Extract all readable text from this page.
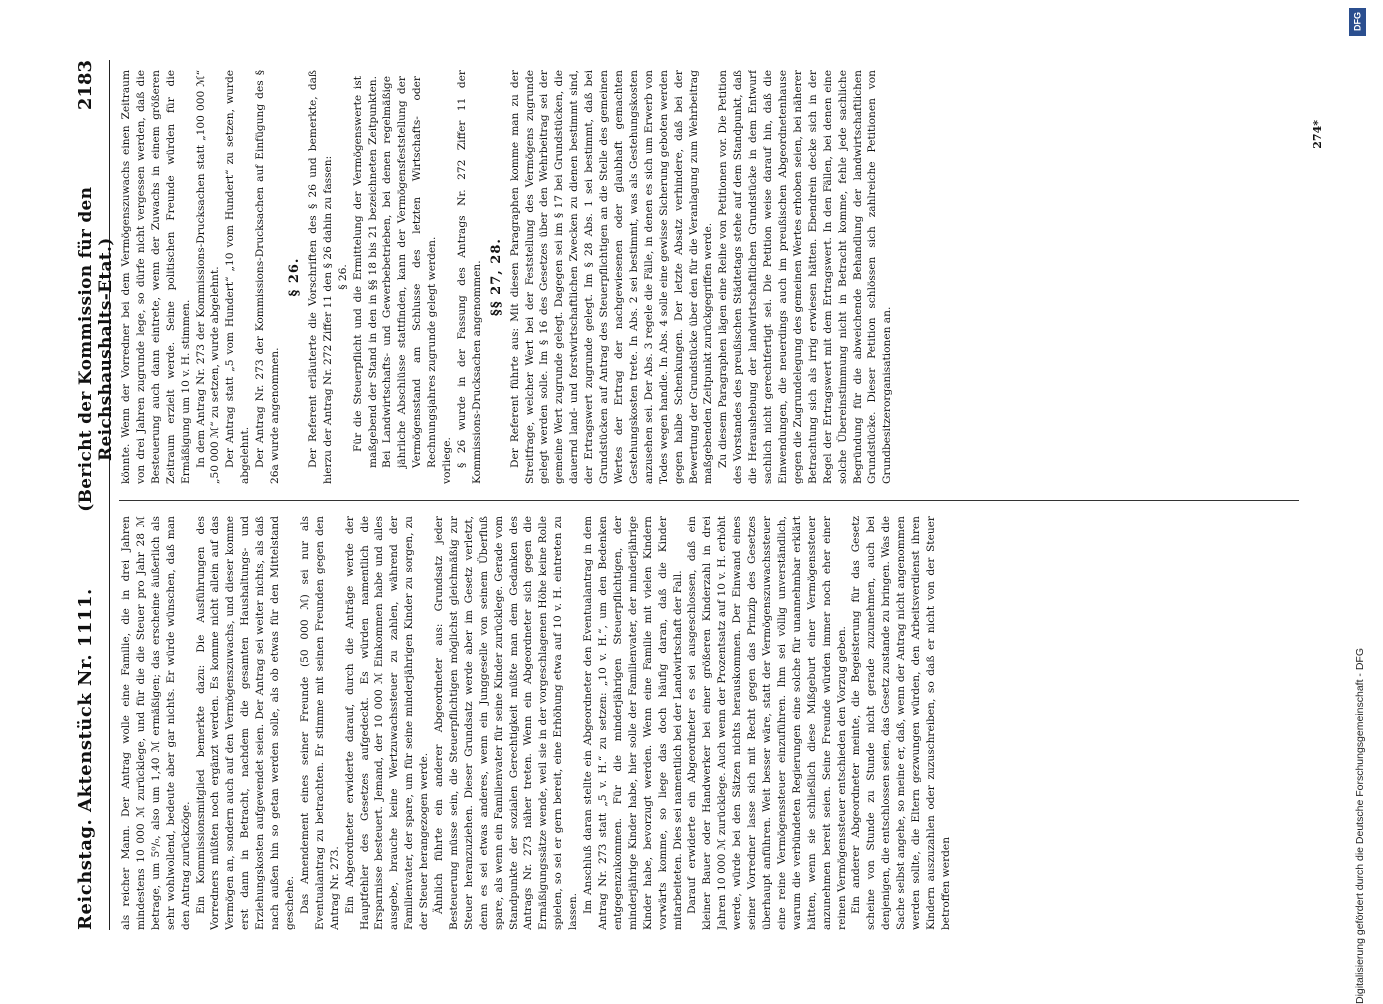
Reichstag. Aktenstück Nr. 1111.
(Bericht der Kommission für den Reichshaushalts-Etat.)
2183

als reicher Mann. Der Antrag wolle eine Familie, die in drei Jahren mindestens 10 000 ℳ zurücklege, und für die die Steuer pro Jahr 28 ℳ betrage, um 5⁰/₀, also um 1,40 ℳ ermäßigen; das erscheine äußerlich als sehr wohlwollend, bedeute aber gar nichts. Er würde wünschen, daß man den Antrag zurückzöge. Ein Kommissionsmitglied bemerkte dazu: Die Ausführungen des Vorredners müßten noch ergänzt werden. Es komme nicht allein auf das Vermögen an, sondern auch auf den Vermögenszuwachs, und dieser komme erst dann in Betracht, nachdem die gesamten Haushaltungs- und Erziehungskosten aufgewendet seien. Der Antrag sei weiter nichts, als daß nach außen hin so getan werden solle, als ob etwas für den Mittelstand geschehe. Das Amendement eines seiner Freunde (50 000 ℳ) sei nur als Eventualantrag zu betrachten. Er stimme mit seinen Freunden gegen den Antrag Nr. 273. Ein Abgeordneter erwiderte darauf, durch die Anträge werde der Hauptfehler des Gesetzes aufgedeckt. Es würden namentlich die Ersparnisse besteuert. Jemand, der 10 000 ℳ Einkommen habe und alles ausgebe, brauche keine Wertzuwachssteuer zu zahlen, während der Familienvater, der spare, um für seine minderjährigen Kinder zu sorgen, zu der Steuer herangezogen werde. Ähnlich führte ein anderer Abgeordneter aus: Grundsatz jeder Besteuerung müsse sein, die Steuerpflichtigen möglichst gleichmäßig zur Steuer heranzuziehen. Dieser Grundsatz werde aber im Gesetz verletzt, denn es sei etwas anderes, wenn ein Junggeselle von seinem Überfluß spare, als wenn ein Familienvater für seine Kinder zurücklege. Gerade vom Standpunkte der sozialen Gerechtigkeit müßte man dem Gedanken des Antrags Nr. 273 näher treten. Wenn ein Abgeordneter sich gegen die Ermäßigungssätze wende, weil sie in der vorgeschlagenen Höhe keine Rolle spielen, so sei er gern bereit, eine Erhöhung etwa auf 10 v. H. eintreten zu lassen. Im Anschluß daran stellte ein Abgeordneter den Eventualantrag in dem Antrag Nr. 273 statt „5 v. H.“ zu setzen: „10 v. H.“, um den Bedenken entgegenzukommen. Für die minderjährigen Steuerpflichtigen, der minderjährige Kinder habe, hier solle der Familienvater, der minderjährige Kinder habe, bevorzugt werden. Wenn eine Familie mit vielen Kindern vorwärts komme, so liege das doch häufig daran, daß die Kinder mitarbeiteten. Dies sei namentlich bei der Landwirtschaft der Fall. Darauf erwiderte ein Abgeordneter es sei ausgeschlossen, daß ein kleiner Bauer oder Handwerker bei einer größeren Kinderzahl in drei Jahren 10 000 ℳ zurücklege. Auch wenn der Prozentsatz auf 10 v. H. erhöht werde, würde bei den Sätzen nichts herauskommen. Der Einwand eines seiner Vorredner lasse sich mit Recht gegen das Prinzip des Gesetzes überhaupt anführen. Weit besser wäre, statt der Vermögenszuwachssteuer eine reine Vermögenssteuer einzuführen. Ihm sei völlig unverständlich, warum die verbündeten Regierungen eine solche für unannehmbar erklärt hätten, wenn sie schließlich diese Mißgeburt einer Vermögenssteuer anzunehmen bereit seien. Seine Freunde würden immer noch eher einer reinen Vermögenssteuer entschieden den Vorzug geben. Ein anderer Abgeordneter meinte, die Begeisterung für das Gesetz scheine von Stunde zu Stunde nicht gerade zuzunehmen, auch bei denjenigen, die entschlossen seien, das Gesetz zustande zu bringen. Was die Sache selbst angehe, so meine er, daß, wenn der Antrag nicht angenommen werden sollte, die Eltern gezwungen würden, den Arbeitsverdienst ihren Kindern auszuzahlen oder zuzuschreiben, so daß er nicht von der Steuer betroffen werden

könnte. Wenn der Vorredner bei dem Vermögenszuwachs einen Zeitraum von drei Jahren zugrunde lege, so dürfe nicht vergessen werden, daß die Besteuerung auch dann eintrete, wenn der Zuwachs in einem größeren Zeitraum erzielt werde. Seine politischen Freunde würden für die Ermäßigung um 10 v. H. stimmen. In dem Antrag Nr. 273 der Kommissions-Drucksachen statt „100 000 ℳ“ „50 000 ℳ“ zu setzen, wurde abgelehnt. Der Antrag statt „5 vom Hundert“ „10 vom Hundert“ zu setzen, wurde abgelehnt. Der Antrag Nr. 273 der Kommissions-Drucksachen auf Einfügung des § 26a wurde angenommen.

§ 26. Der Referent erläuterte die Vorschriften des § 26 und bemerkte, daß hierzu der Antrag Nr. 272 Ziffer 11 den § 26 dahin zu fassen: § 26. Für die Steuerpflicht und die Ermittelung der Vermögenswerte ist maßgebend der Stand in den in §§ 18 bis 21 bezeichneten Zeitpunkten. Bei Landwirtschafts- und Gewerbebetrieben, bei denen regelmäßige jährliche Abschlüsse stattfinden, kann der Vermögensfeststellung der Vermögensstand am Schlusse des letzten Wirtschafts- oder Rechnungsjahres zugrunde gelegt werden. vorliege. § 26 wurde in der Fassung des Antrags Nr. 272 Ziffer 11 der Kommissions-Drucksachen angenommen. §§ 27, 28. Der Referent führte aus: Mit diesen Paragraphen komme man zu der Streitfrage, welcher Wert bei der Feststellung des Vermögens zugrunde gelegt werden solle. Im § 16 des Gesetzes über den Wehrbeitrag sei der gemeine Wert zugrunde gelegt. Dagegen sei im § 17 bei Grundstücken, die dauernd land- und forstwirtschaftlichen Zwecken zu dienen bestimmt sind, der Ertragswert zugrunde gelegt. Im § 28 Abs. 1 sei bestimmt, daß bei Grundstücken auf Antrag des Steuerpflichtigen an die Stelle des gemeinen Wertes der Ertrag der nachgewiesenen oder glaubhaft gemachten Gestehungskosten trete. In Abs. 2 sei bestimmt, was als Gestehungskosten anzusehen sei. Der Abs. 3 regele die Fälle, in denen es sich um Erwerb von Todes wegen handle. In Abs. 4 solle eine gewisse Sicherung geboten werden gegen halbe Schenkungen. Der letzte Absatz verhindere, daß bei der Bewertung der Grundstücke über den für die Veranlagung zum Wehrbeitrag maßgebenden Zeitpunkt zurückgegriffen werde. Zu diesem Paragraphen lägen eine Reihe von Petitionen vor. Die Petition des Vorstandes des preußischen Städtetags stehe auf dem Standpunkt, daß die Heraushebung der landwirtschaftlichen Grundstücke in dem Entwurf sachlich nicht gerechtfertigt sei. Die Petition weise darauf hin, daß die Einwendungen, die neuerdings auch im preußischen Abgeordnetenhause gegen die Zugrundelegung des gemeinen Wertes erhoben seien, bei näherer Betrachtung sich als irrig erwiesen hätten. Ebendrein decke sich in der Regel der Ertragswert mit dem Ertragswert. In den Fällen, bei denen eine solche Übereinstimmung nicht in Betracht komme, fehle jede sachliche Begründung für die abweichende Behandlung der landwirtschaftlichen Grundstücke. Dieser Petition schlössen sich zahlreiche Petitionen von Grundbesitzerorganisationen an.

274*
DFG
Digitalisierung gefördert durch die Deutsche Forschungsgemeinschaft - DFG
